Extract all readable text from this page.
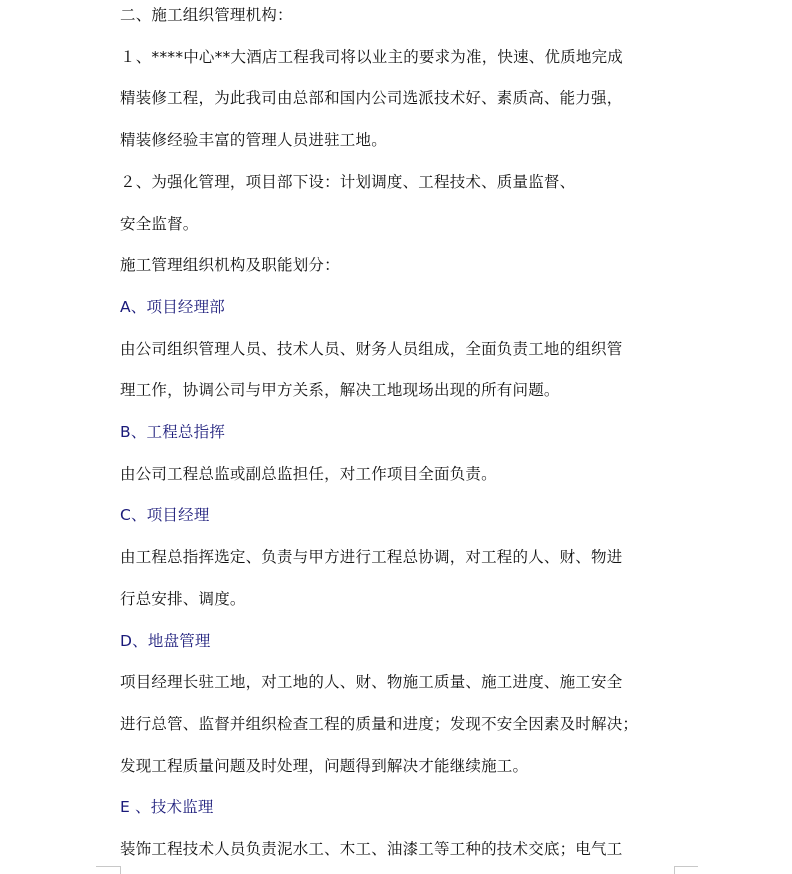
二、施工组织管理机构：

１、****中心**大酒店工程我司将以业主的要求为准，快速、优质地完成

精装修工程，为此我司由总部和国内公司选派技术好、素质高、能力强，

精装修经验丰富的管理人员进驻工地。

２、为强化管理，项目部下设：计划调度、工程技术、质量监督、

安全监督。

施工管理组织机构及职能划分：

A、项目经理部

由公司组织管理人员、技术人员、财务人员组成，全面负责工地的组织管

理工作，协调公司与甲方关系，解决工地现场出现的所有问题。

B、工程总指挥

由公司工程总监或副总监担任，对工作项目全面负责。

C、项目经理

由工程总指挥选定、负责与甲方进行工程总协调，对工程的人、财、物进

行总安排、调度。

D、地盘管理

项目经理长驻工地，对工地的人、财、物施工质量、施工进度、施工安全

进行总管、监督并组织检查工程的质量和进度；发现不安全因素及时解决；

发现工程质量问题及时处理，问题得到解决才能继续施工。

E 、技术监理

装饰工程技术人员负责泥水工、木工、油漆工等工种的技术交底；电气工
